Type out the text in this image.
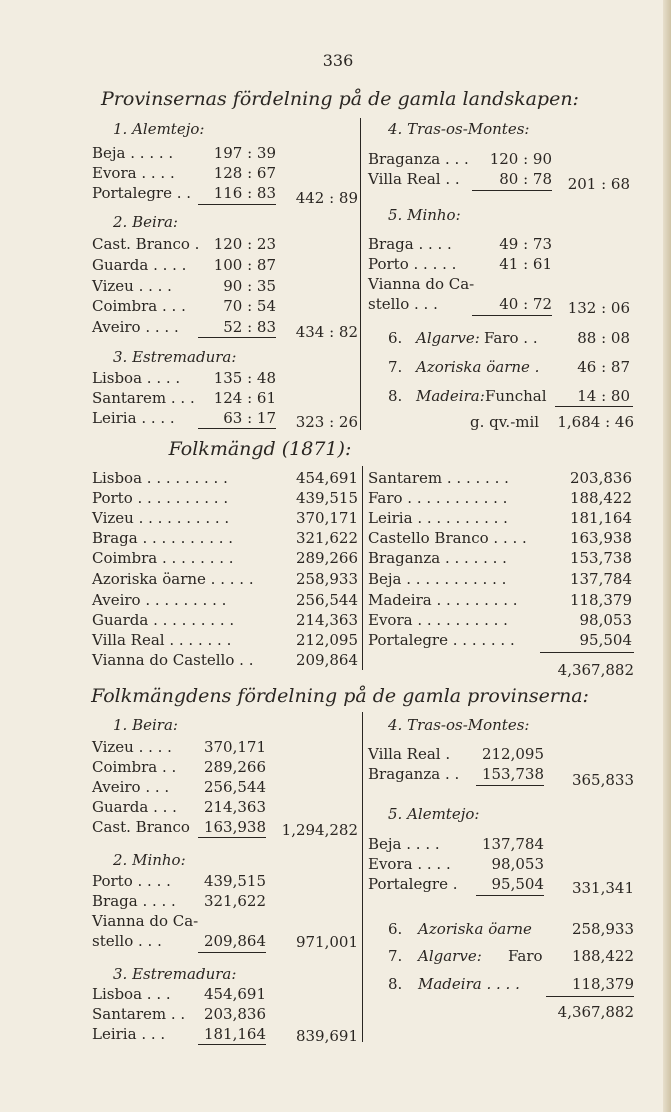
336
Provinsernas fördelning på de gamla landskapen:
1. Alemtejo:
Beja . . . . .	197 : 39
Evora . . . .	128 : 67
Portalegre . .	116 : 83	442 : 89
2. Beira:
Cast. Branco . 120 : 23
Guarda . . . .	100 : 87
Vizeu . . . .	90 : 35
Coimbra . . .	70 : 54
Aveiro . . . .	52 : 83	434 : 82
3. Estremadura:
Lisboa . . . .	135 : 48
Santarem . . .	124 : 61
Leiria . . . .	63 : 17	323 : 26
4. Tras-os-Montes:
Braganza . . .	120 : 90
Villa Real . .	80 : 78	201 : 68
5. Minho:
Braga . . . .	49 : 73
Porto . . . . .	41 : 61
Vianna do Ca-
stello . . .	40 : 72	132 : 06
6. Algarve: Faro . .	88 : 08
7. Azoriska öarne .	46 : 87
8. Madeira: Funchal	14 : 80
g. qv.-mil	1,684 : 46
Folkmängd (1871):
Lisboa . . . . . . . . .	454,691
Porto . . . . . . . . . .	439,515
Vizeu . . . . . . . . . .	370,171
Braga . . . . . . . . . .	321,622
Coimbra . . . . . . . .	289,266
Azoriska öarne . . . . .	258,933
Aveiro . . . . . . . . .	256,544
Guarda . . . . . . . . .	214,363
Villa Real . . . . . . .	212,095
Vianna do Castello . .	209,864
Santarem . . . . . . .	203,836
Faro . . . . . . . . . . .	188,422
Leiria . . . . . . . . . .	181,164
Castello Branco . . . .	163,938
Braganza . . . . . . .	153,738
Beja . . . . . . . . . . .	137,784
Madeira . . . . . . . . .	118,379
Evora . . . . . . . . . .	98,053
Portalegre . . . . . . .	95,504
4,367,882
Folkmängdens fördelning på de gamla provinserna:
1. Beira:
Vizeu . . . .	370,171
Coimbra . .	289,266
Aveiro . . .	256,544
Guarda . . .	214,363
Cast. Branco 163,938	1,294,282
2. Minho:
Porto . . . .	439,515
Braga . . . .	321,622
Vianna do Ca-
stello . . .	209,864	971,001
3. Estremadura:
Lisboa . . .	454,691
Santarem . .	203,836
Leiria . . .	181,164	839,691
4. Tras-os-Montes:
Villa Real .	212,095
Braganza . .	153,738	365,833
5. Alemtejo:
Beja . . . .	137,784
Evora . . . .	98,053
Portalegre .	95,504	331,341
6. Azoriska öarne	258,933
7. Algarve: Faro	188,422
8. Madeira . . . .	118,379
4,367,882
